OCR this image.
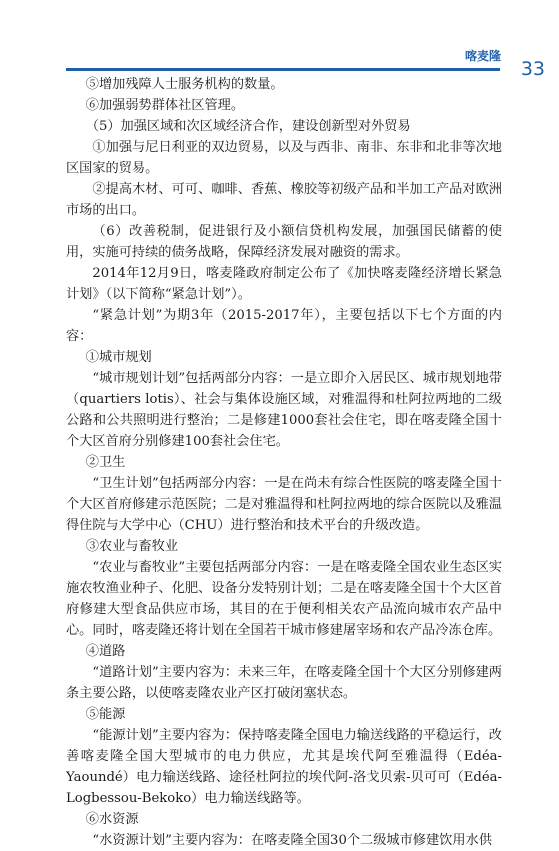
喀麦隆
33

⑤增加残障人士服务机构的数量。

⑥加强弱势群体社区管理。

（5）加强区域和次区域经济合作，建设创新型对外贸易

①加强与尼日利亚的双边贸易，以及与西非、南非、东非和北非等次地区国家的贸易。

②提高木材、可可、咖啡、香蕉、橡胶等初级产品和半加工产品对欧洲市场的出口。

（6）改善税制，促进银行及小额信贷机构发展，加强国民储蓄的使用，实施可持续的债务战略，保障经济发展对融资的需求。

2014年12月9日，喀麦隆政府制定公布了《加快喀麦隆经济增长紧急计划》（以下简称“紧急计划”）。

“紧急计划”为期3年（2015-2017年），主要包括以下七个方面的内容：

①城市规划

“城市规划计划”包括两部分内容：一是立即介入居民区、城市规划地带（quartiers lotis）、社会与集体设施区域，对雅温得和杜阿拉两地的二级公路和公共照明进行整治；二是修建1000套社会住宅，即在喀麦隆全国十个大区首府分别修建100套社会住宅。

②卫生

“卫生计划”包括两部分内容：一是在尚未有综合性医院的喀麦隆全国十个大区首府修建示范医院；二是对雅温得和杜阿拉两地的综合医院以及雅温得住院与大学中心（CHU）进行整治和技术平台的升级改造。

③农业与畜牧业

“农业与畜牧业”主要包括两部分内容：一是在喀麦隆全国农业生态区实施农牧渔业种子、化肥、设备分发特别计划；二是在喀麦隆全国十个大区首府修建大型食品供应市场，其目的在于便利相关农产品流向城市农产品中心。同时，喀麦隆还将计划在全国若干城市修建屠宰场和农产品冷冻仓库。

④道路

“道路计划”主要内容为：未来三年，在喀麦隆全国十个大区分别修建两条主要公路，以使喀麦隆农业产区打破闭塞状态。

⑤能源

“能源计划”主要内容为：保持喀麦隆全国电力输送线路的平稳运行，改善喀麦隆全国大型城市的电力供应，尤其是埃代阿至雅温得（Edéa-Yaoundé）电力输送线路、途径杜阿拉的埃代阿-洛戈贝索-贝可可（Edéa-Logbessou-Bekoko）电力输送线路等。

⑥水资源

“水资源计划”主要内容为：在喀麦隆全国30个二级城市修建饮用水供
